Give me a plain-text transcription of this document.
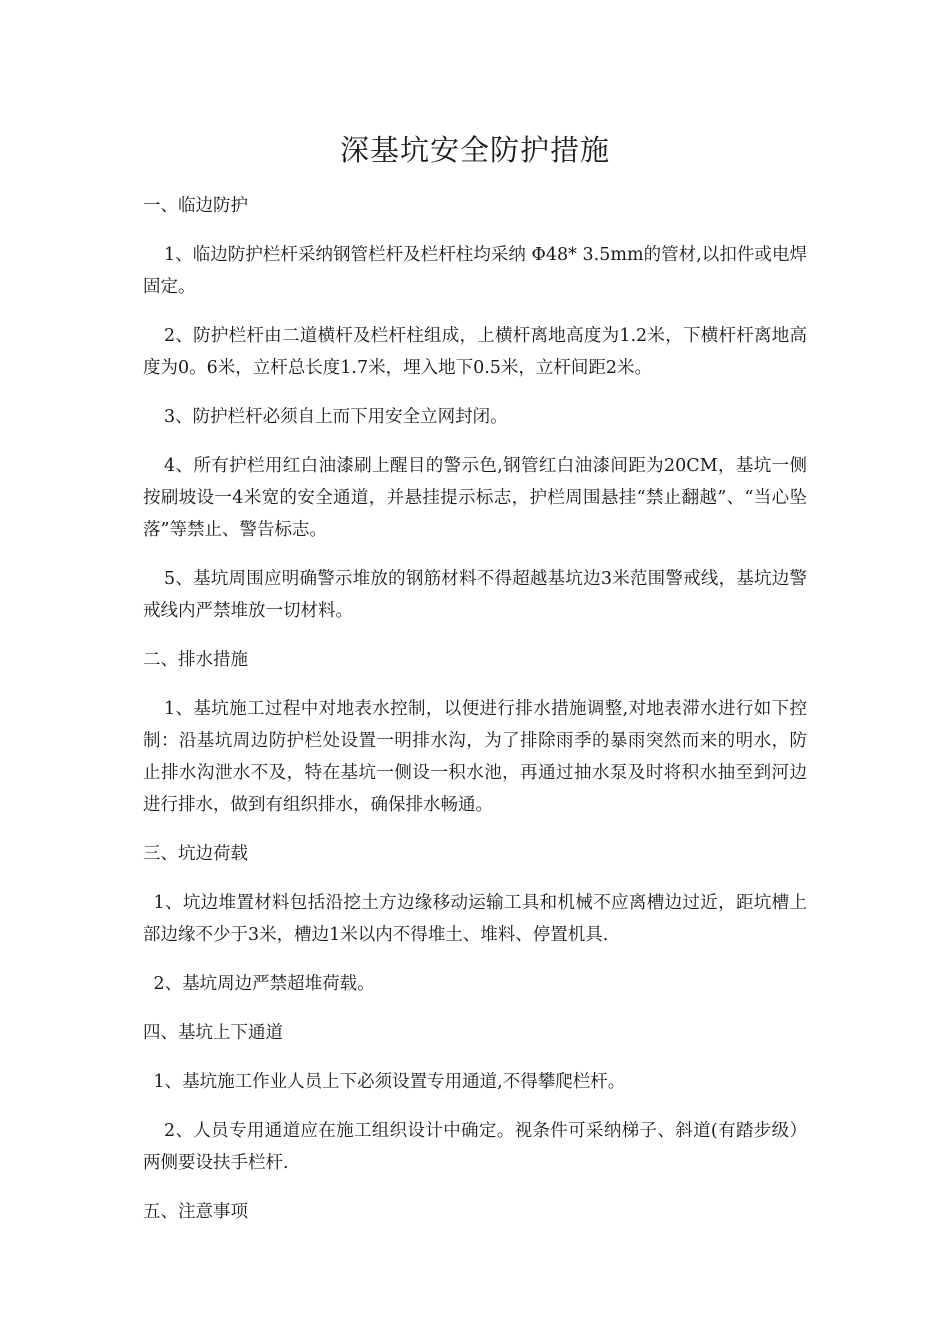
深基坑安全防护措施
一、临边防护
1、临边防护栏杆采纳钢管栏杆及栏杆柱均采纳 Φ48* 3.5mm的管材,以扣件或电焊固定。
2、防护栏杆由二道横杆及栏杆柱组成，上横杆离地高度为1.2米，下横杆杆离地高度为0。6米，立杆总长度1.7米，埋入地下0.5米，立杆间距2米。
3、防护栏杆必须自上而下用安全立网封闭。
4、所有护栏用红白油漆刷上醒目的警示色,钢管红白油漆间距为20CM，基坑一侧按刷坡设一4米宽的安全通道，并悬挂提示标志，护栏周围悬挂“禁止翻越”、“当心坠落”等禁止、警告标志。
5、基坑周围应明确警示堆放的钢筋材料不得超越基坑边3米范围警戒线，基坑边警戒线内严禁堆放一切材料。
二、排水措施
1、基坑施工过程中对地表水控制，以便进行排水措施调整,对地表滞水进行如下控制：沿基坑周边防护栏处设置一明排水沟，为了排除雨季的暴雨突然而来的明水，防止排水沟泄水不及，特在基坑一侧设一积水池，再通过抽水泵及时将积水抽至到河边进行排水，做到有组织排水，确保排水畅通。
三、坑边荷载
1、坑边堆置材料包括沿挖土方边缘移动运输工具和机械不应离槽边过近，距坑槽上部边缘不少于3米，槽边1米以内不得堆土、堆料、停置机具.
2、基坑周边严禁超堆荷载。
四、基坑上下通道
1、基坑施工作业人员上下必须设置专用通道,不得攀爬栏杆。
2、人员专用通道应在施工组织设计中确定。视条件可采纳梯子、斜道(有踏步级）两侧要设扶手栏杆.
五、注意事项
